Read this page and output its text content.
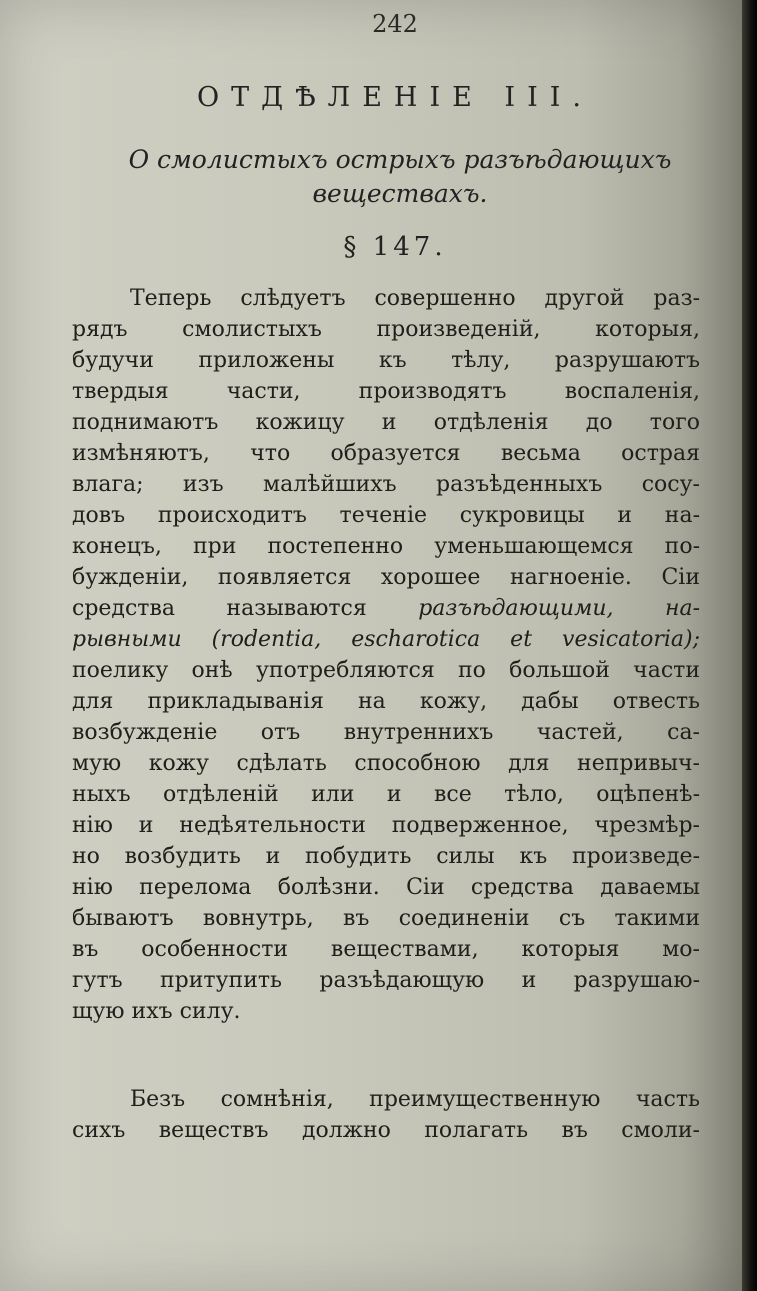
242
ОТДѢЛЕНІЕ III.
О смолистыхъ острыхъ разъѣдающихъ
веществахъ.
§ 147.
Теперь слѣдуетъ совершенно другой раз-
рядъ смолистыхъ произведеній, которыя,
будучи приложены къ тѣлу, разрушаютъ
твердыя части, производятъ воспаленія,
поднимаютъ кожицу и отдѣленія до того
измѣняютъ, что образуется весьма острая
влага; изъ малѣйшихъ разъѣденныхъ сосу-
довъ происходитъ теченіе сукровицы и на-
конецъ, при постепенно уменьшающемся по-
бужденіи, появляется хорошее нагноеніе. Сіи
средства называются разъѣдающими, на-
рывными (rodentia, escharotica et vesicatoria);
поелику онѣ употребляются по большой части
для прикладыванія на кожу, дабы отвесть
возбужденіе отъ внутреннихъ частей, са-
мую кожу сдѣлать способною для непривыч-
ныхъ отдѣленій или и все тѣло, оцѣпенѣ-
нію и недѣятельности подверженное, чрезмѣр-
но возбудить и побудить силы къ произведе-
нію перелома болѣзни. Сіи средства даваемы
бываютъ вовнутрь, въ соединеніи съ такими
въ особенности веществами, которыя мо-
гутъ притупить разъѣдающую и разрушаю-
щую ихъ силу.
Безъ сомнѣнія, преимущественную часть
сихъ веществъ должно полагать въ смоли-
